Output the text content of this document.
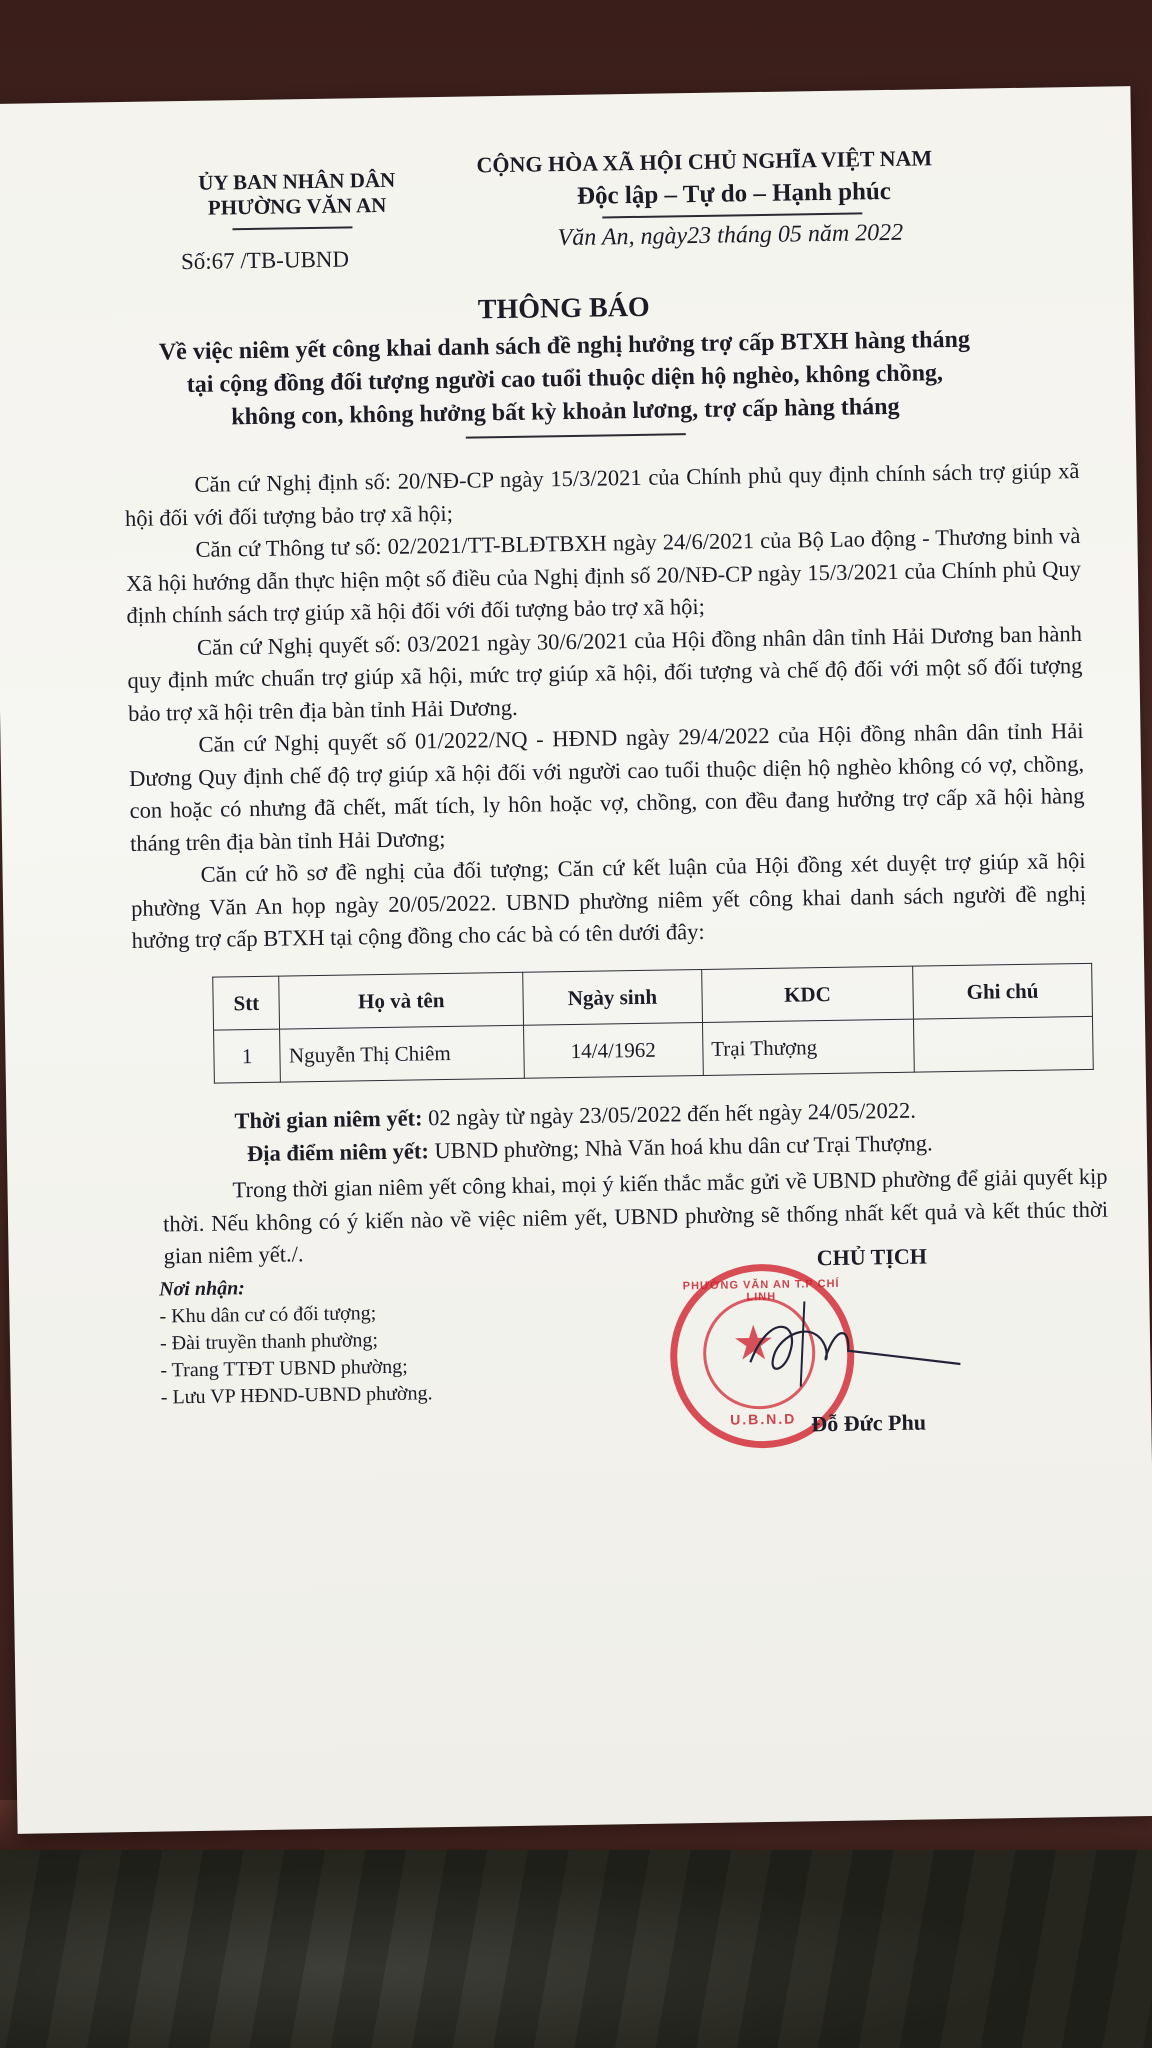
ỦY BAN NHÂN DÂN
PHƯỜNG VĂN AN
Số:67 /TB-UBND
CỘNG HÒA XÃ HỘI CHỦ NGHĨA VIỆT NAM
Độc lập – Tự do – Hạnh phúc
Văn An, ngày23 tháng 05 năm 2022
THÔNG BÁO
Về việc niêm yết công khai danh sách đề nghị hưởng trợ cấp BTXH hàng tháng
tại cộng đồng đối tượng người cao tuổi thuộc diện hộ nghèo, không chồng,
không con, không hưởng bất kỳ khoản lương, trợ cấp hàng tháng

Căn cứ Nghị định số: 20/NĐ-CP ngày 15/3/2021 của Chính phủ quy định chính sách trợ giúp xã hội đối với đối tượng bảo trợ xã hội;

Căn cứ Thông tư số: 02/2021/TT-BLĐTBXH ngày 24/6/2021 của Bộ Lao động - Thương binh và Xã hội hướng dẫn thực hiện một số điều của Nghị định số 20/NĐ-CP ngày 15/3/2021 của Chính phủ Quy định chính sách trợ giúp xã hội đối với đối tượng bảo trợ xã hội;

Căn cứ Nghị quyết số: 03/2021 ngày 30/6/2021 của Hội đồng nhân dân tỉnh Hải Dương ban hành quy định mức chuẩn trợ giúp xã hội, mức trợ giúp xã hội, đối tượng và chế độ đối với một số đối tượng bảo trợ xã hội trên địa bàn tỉnh Hải Dương.

Căn cứ Nghị quyết số 01/2022/NQ - HĐND ngày 29/4/2022 của Hội đồng nhân dân tỉnh Hải Dương Quy định chế độ trợ giúp xã hội đối với người cao tuổi thuộc diện hộ nghèo không có vợ, chồng, con hoặc có nhưng đã chết, mất tích, ly hôn hoặc vợ, chồng, con đều đang hưởng trợ cấp xã hội hàng tháng trên địa bàn tỉnh Hải Dương;

Căn cứ hồ sơ đề nghị của đối tượng; Căn cứ kết luận của Hội đồng xét duyệt trợ giúp xã hội phường Văn An họp ngày 20/05/2022. UBND phường niêm yết công khai danh sách người đề nghị hưởng trợ cấp BTXH tại cộng đồng cho các bà có tên dưới đây:

Stt	Họ và tên	Ngày sinh	KDC	Ghi chú
1	Nguyễn Thị Chiêm	14/4/1962	Trại Thượng	
Thời gian niêm yết: 02 ngày từ ngày 23/05/2022 đến hết ngày 24/05/2022.
Địa điểm niêm yết: UBND phường; Nhà Văn hoá khu dân cư Trại Thượng.

Trong thời gian niêm yết công khai, mọi ý kiến thắc mắc gửi về UBND phường để giải quyết kịp thời. Nếu không có ý kiến nào về việc niêm yết, UBND phường sẽ thống nhất kết quả và kết thúc thời gian niêm yết./.

Nơi nhận:
- Khu dân cư có đối tượng;
- Đài truyền thanh phường;
- Trang TTĐT UBND phường;
- Lưu VP HĐND-UBND phường.
CHỦ TỊCH
★
PHƯỜNG VĂN AN T.P CHÍ LINH
U.B.N.D Đỗ Đức Phu
